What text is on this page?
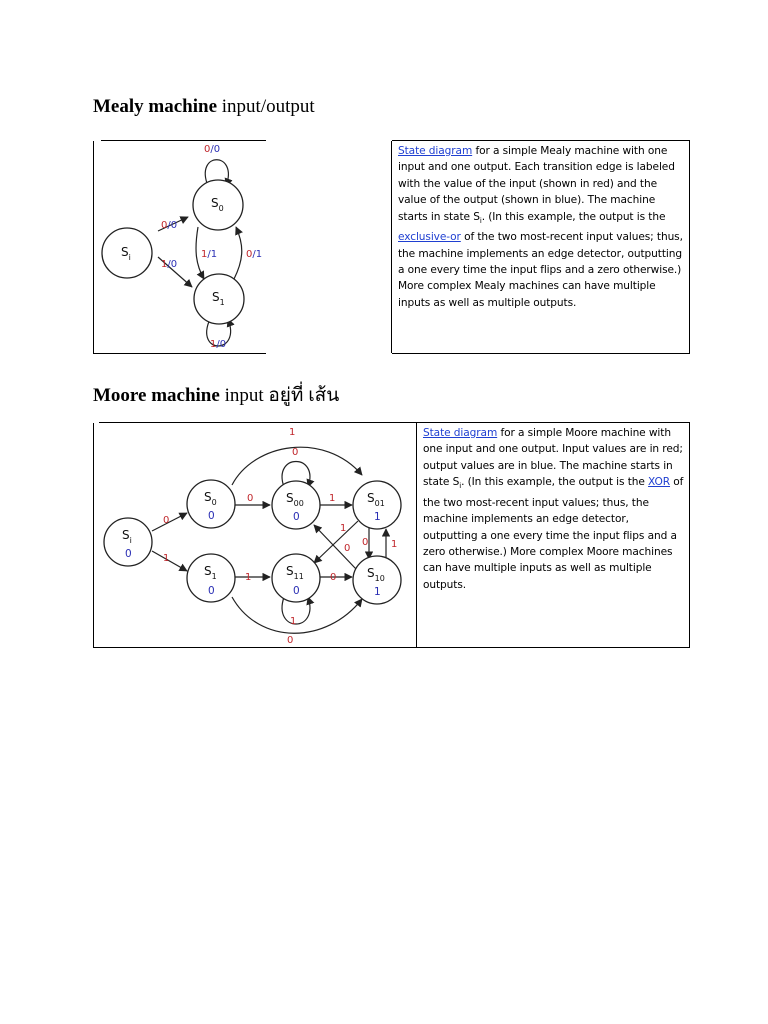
Mealy machine input/output
$S_i$
$S_0$
$S_1$
0/0
0/0
1/0
1/1	0/1
1/0
	State diagram for a simple Mealy machine with one input and one output. Each transition edge is labeled with the value of the input (shown in red) and the value of the output (shown in blue). The machine starts in state $S_i$. (In this example, the output is the exclusive-or of the two most-recent input values; thus, the machine implements an edge detector, outputting a one every time the input flips and a zero otherwise.) More complex Mealy machines can have multiple inputs as well as multiple outputs.
Moore machine input อยู่ที่ เส้น
$S_i$
0
$S_0$
0
$S_1$
0
$S_{00}$
0
$S_{01}$
1
$S_{11}$
0
$S_{10}$
1
0
1
0
1
0
1
1
0 1
0
1
1
0
0
	State diagram for a simple Moore machine with one input and one output. Input values are in red; output values are in blue. The machine starts in state $S_i$. (In this example, the output is the XOR of the two most-recent input values; thus, the machine implements an edge detector, outputting a one every time the input flips and a zero otherwise.) More complex Moore machines can have multiple inputs as well as multiple outputs.
